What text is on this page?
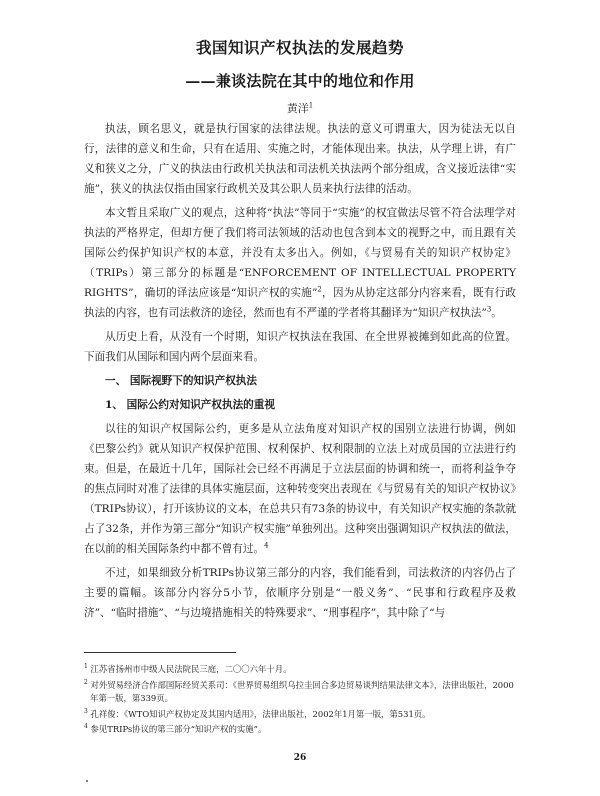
我国知识产权执法的发展趋势
——兼谈法院在其中的地位和作用
黄洋$^1$

执法，顾名思义，就是执行国家的法律法规。执法的意义可谓重大，因为徒法无以自行，法律的意义和生命，只有在适用、实施之时，才能体现出来。执法，从学理上讲，有广义和狭义之分，广义的执法由行政机关执法和司法机关执法两个部分组成，含义接近法律“实施”，狭义的执法仅指由国家行政机关及其公职人员来执行法律的活动。

本文暂且采取广义的观点，这种将“执法”等同于“实施”的权宜做法尽管不符合法理学对执法的严格界定，但却方便了我们将司法领域的活动也包含到本文的视野之中，而且跟有关国际公约保护知识产权的本意，并没有太多出入。例如，《与贸易有关的知识产权协定》（TRIPs）第三部分的标题是“ENFORCEMENT OF INTELLECTUAL PROPERTY RIGHTS”，确切的译法应该是“知识产权的实施”$^2$，因为从协定这部分内容来看，既有行政执法的内容，也有司法救济的途径，然而也有不严谨的学者将其翻译为“知识产权执法”$^3$。

从历史上看，从没有一个时期，知识产权执法在我国、在全世界被摊到如此高的位置。下面我们从国际和国内两个层面来看。

一、 国际视野下的知识产权执法

1、 国际公约对知识产权执法的重视

以往的知识产权国际公约，更多是从立法角度对知识产权的国别立法进行协调，例如《巴黎公约》就从知识产权保护范围、权利保护、权利限制的立法上对成员国的立法进行约束。但是，在最近十几年，国际社会已经不再满足于立法层面的协调和统一，而将利益争夺的焦点同时对准了法律的具体实施层面，这种转变突出表现在《与贸易有关的知识产权协议》（TRIPs协议），打开该协议的文本，在总共只有73条的协议中，有关知识产权实施的条款就占了32条，并作为第三部分“知识产权实施”单独列出。这种突出强调知识产权执法的做法，在以前的相关国际条约中都不曾有过。$^4$

不过，如果细致分析TRIPs协议第三部分的内容，我们能看到，司法救济的内容仍占了主要的篇幅。该部分内容分5小节，依顺序分别是“一般义务”、“民事和行政程序及救济”、“临时措施”、“与边境措施相关的特殊要求”、“刑事程序”，其中除了“与

$^1$ 江苏省扬州市中级人民法院民三庭，二〇〇六年十月。

$^2$ 对外贸易经济合作部国际经贸关系司：《世界贸易组织乌拉圭回合多边贸易谈判结果法律文本》，法律出版社，2000年第一版，第339页。

$^3$ 孔祥俊：《WTO知识产权协定及其国内适用》，法律出版社，2002年1月第一版，第531页。

$^4$ 参见TRIPs协议的第三部分“知识产权的实施”。

26
